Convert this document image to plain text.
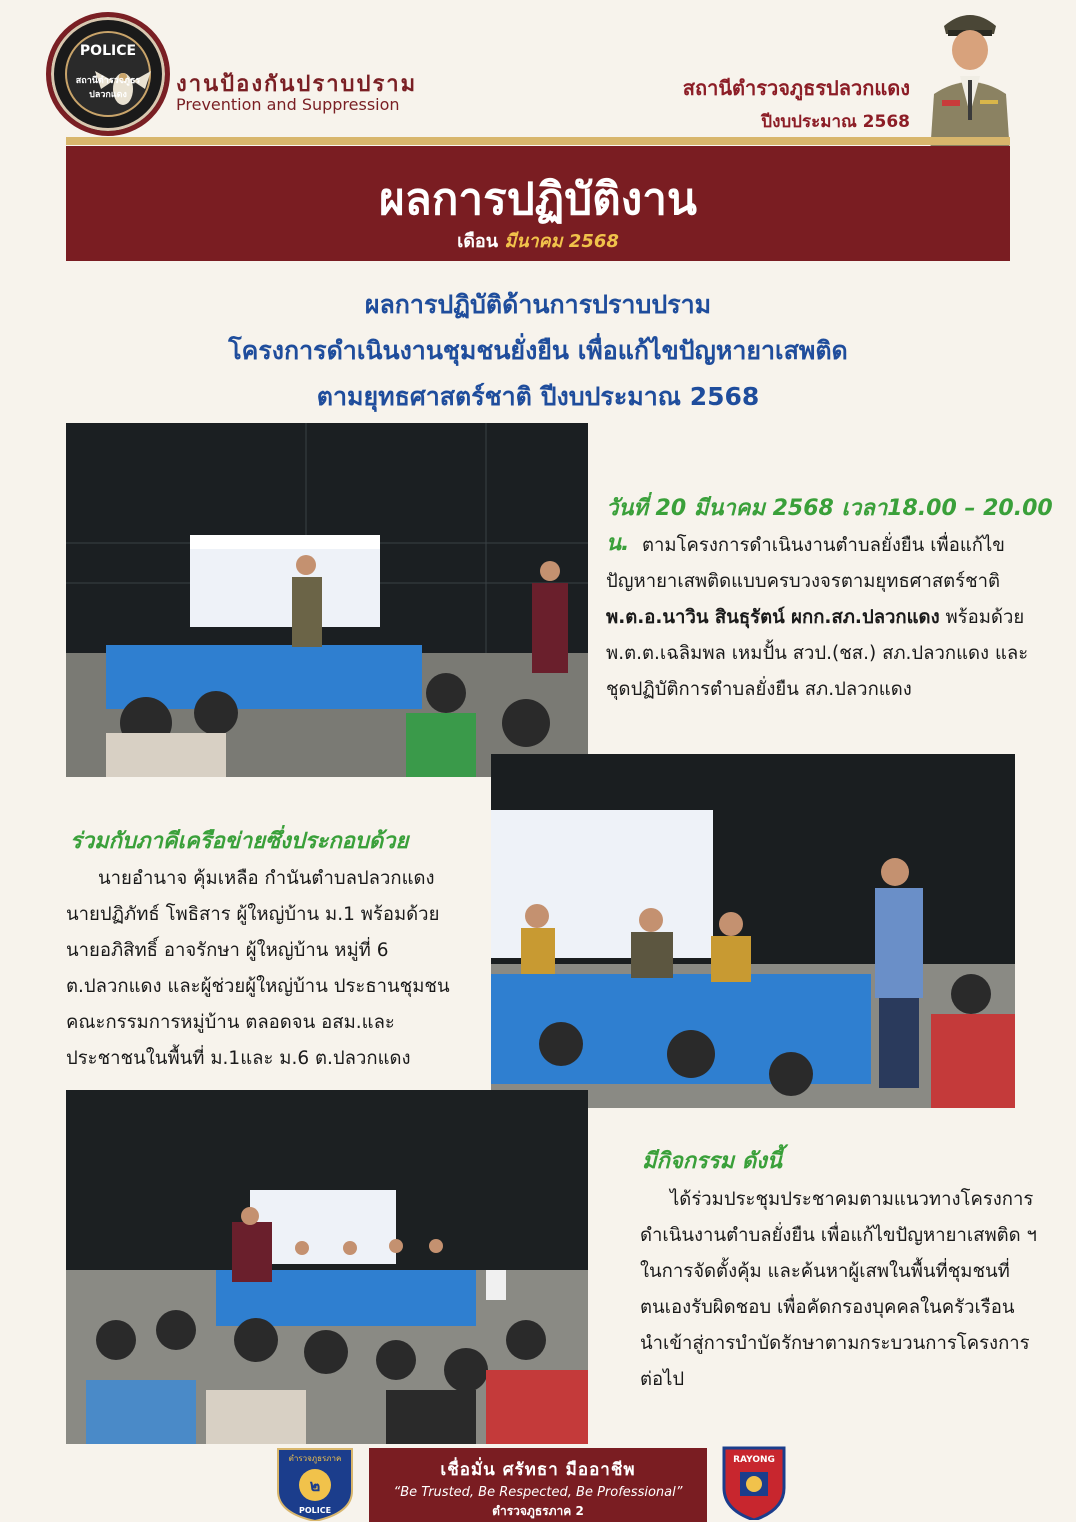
POLICE
สถานีตำรวจภูธรปลวกแดง	งานป้องกันปราบปราม
Prevention and Suppression
สถานีตำรวจภูธรปลวกแดง
ปีงบประมาณ 2568
ผลการปฏิบัติงาน
เดือน มีนาคม 2568
ผลการปฏิบัติด้านการปราบปราม
โครงการดำเนินงานชุมชนยั่งยืน เพื่อแก้ไขปัญหายาเสพติด
ตามยุทธศาสตร์ชาติ ปีงบประมาณ 2568
วันที่ 20 มีนาคม 2568 เวลา18.00 – 20.00 น. ตามโครงการดำเนินงานตำบลยั่งยืน เพื่อแก้ไข
ปัญหายาเสพติดแบบครบวงจรตามยุทธศาสตร์ชาติ
พ.ต.อ.นาวิน สินธุรัตน์ ผกก.สภ.ปลวกแดง พร้อมด้วย
พ.ต.ต.เฉลิมพล เหมปั้น สวป.(ชส.) สภ.ปลวกแดง และ
ชุดปฏิบัติการตำบลยั่งยืน สภ.ปลวกแดง
ร่วมกับภาคีเครือข่ายซึ่งประกอบด้วย
นายอำนาจ คุ้มเหลือ กำนันตำบลปลวกแดง
นายปฏิภัทธ์ โพธิสาร ผู้ใหญ่บ้าน ม.1 พร้อมด้วย
นายอภิสิทธิ์ อาจรักษา ผู้ใหญ่บ้าน หมู่ที่ 6
ต.ปลวกแดง และผู้ช่วยผู้ใหญ่บ้าน ประธานชุมชน
คณะกรรมการหมู่บ้าน ตลอดจน อสม.และ
ประชาชนในพื้นที่ ม.1และ ม.6 ต.ปลวกแดง
มีกิจกรรม ดังนี้
ได้ร่วมประชุมประชาคมตามแนวทางโครงการ
ดำเนินงานตำบลยั่งยืน เพื่อแก้ไขปัญหายาเสพติด ฯ
ในการจัดตั้งคุ้ม และค้นหาผู้เสพในพื้นที่ชุมชนที่
ตนเองรับผิดชอบ เพื่อคัดกรองบุคคลในครัวเรือน
นำเข้าสู่การบำบัดรักษาตามกระบวนการโครงการ
ต่อไป
ตำรวจภูธรภาค
๒
POLICE
เชื่อมั่น ศรัทธา มืออาชีพ
“Be Trusted, Be Respected, Be Professional”
ตำรวจภูธรภาค 2
RAYONG
